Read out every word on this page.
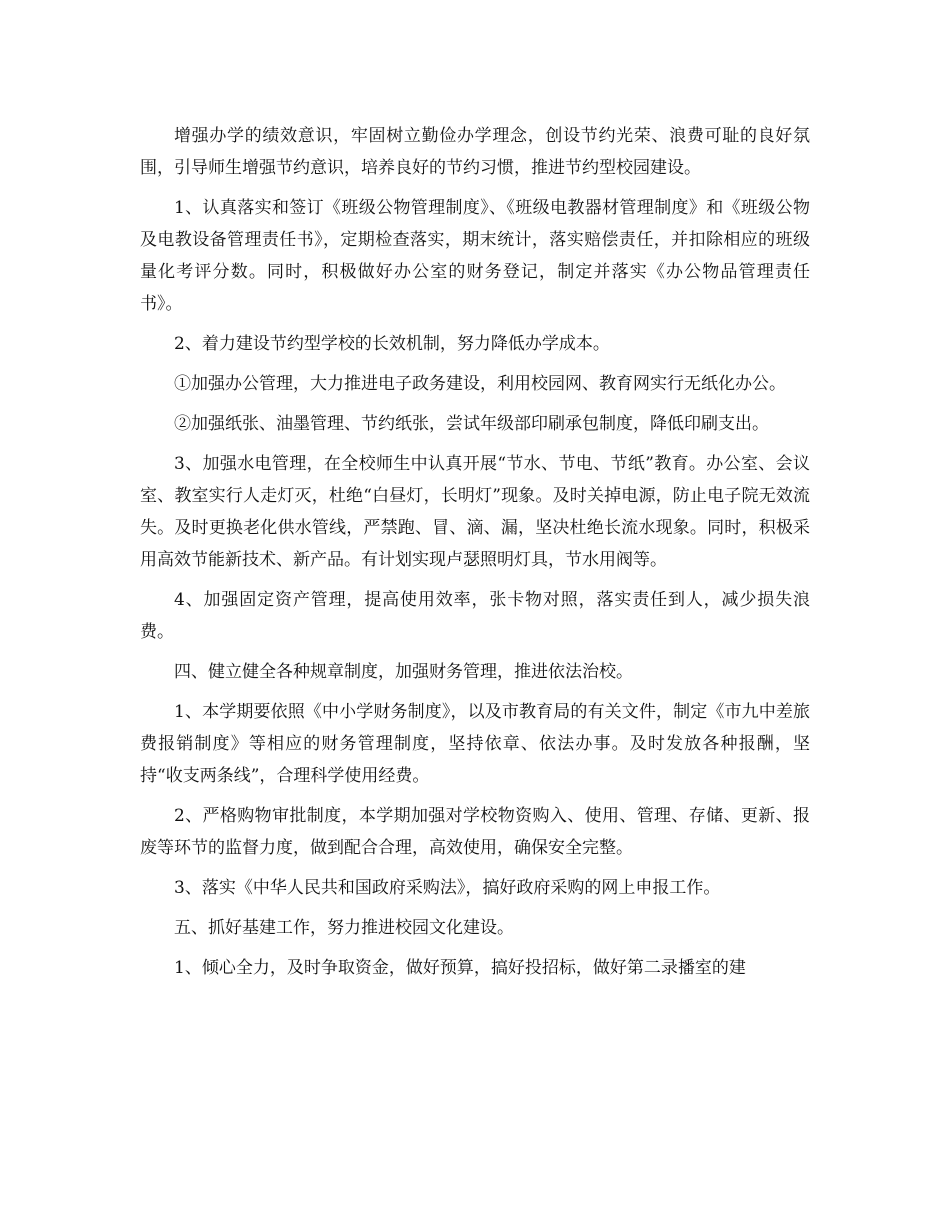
增强办学的绩效意识，牢固树立勤俭办学理念，创设节约光荣、浪费可耻的良好氛围，引导师生增强节约意识，培养良好的节约习惯，推进节约型校园建设。

1、认真落实和签订《班级公物管理制度》、《班级电教器材管理制度》和《班级公物及电教设备管理责任书》，定期检查落实，期末统计，落实赔偿责任，并扣除相应的班级量化考评分数。同时，积极做好办公室的财务登记，制定并落实《办公物品管理责任书》。

2、着力建设节约型学校的长效机制，努力降低办学成本。

①加强办公管理，大力推进电子政务建设，利用校园网、教育网实行无纸化办公。

②加强纸张、油墨管理、节约纸张，尝试年级部印刷承包制度，降低印刷支出。

3、加强水电管理，在全校师生中认真开展“节水、节电、节纸”教育。办公室、会议室、教室实行人走灯灭，杜绝“白昼灯，长明灯”现象。及时关掉电源，防止电子院无效流失。及时更换老化供水管线，严禁跑、冒、滴、漏，坚决杜绝长流水现象。同时，积极采用高效节能新技术、新产品。有计划实现卢瑟照明灯具，节水用阀等。

4、加强固定资产管理，提高使用效率，张卡物对照，落实责任到人，减少损失浪费。

四、健立健全各种规章制度，加强财务管理，推进依法治校。

1、本学期要依照《中小学财务制度》，以及市教育局的有关文件，制定《市九中差旅费报销制度》等相应的财务管理制度，坚持依章、依法办事。及时发放各种报酬，坚持“收支两条线”，合理科学使用经费。

2、严格购物审批制度，本学期加强对学校物资购入、使用、管理、存储、更新、报废等环节的监督力度，做到配合合理，高效使用，确保安全完整。

3、落实《中华人民共和国政府采购法》，搞好政府采购的网上申报工作。

五、抓好基建工作，努力推进校园文化建设。

1、倾心全力，及时争取资金，做好预算，搞好投招标，做好第二录播室的建
